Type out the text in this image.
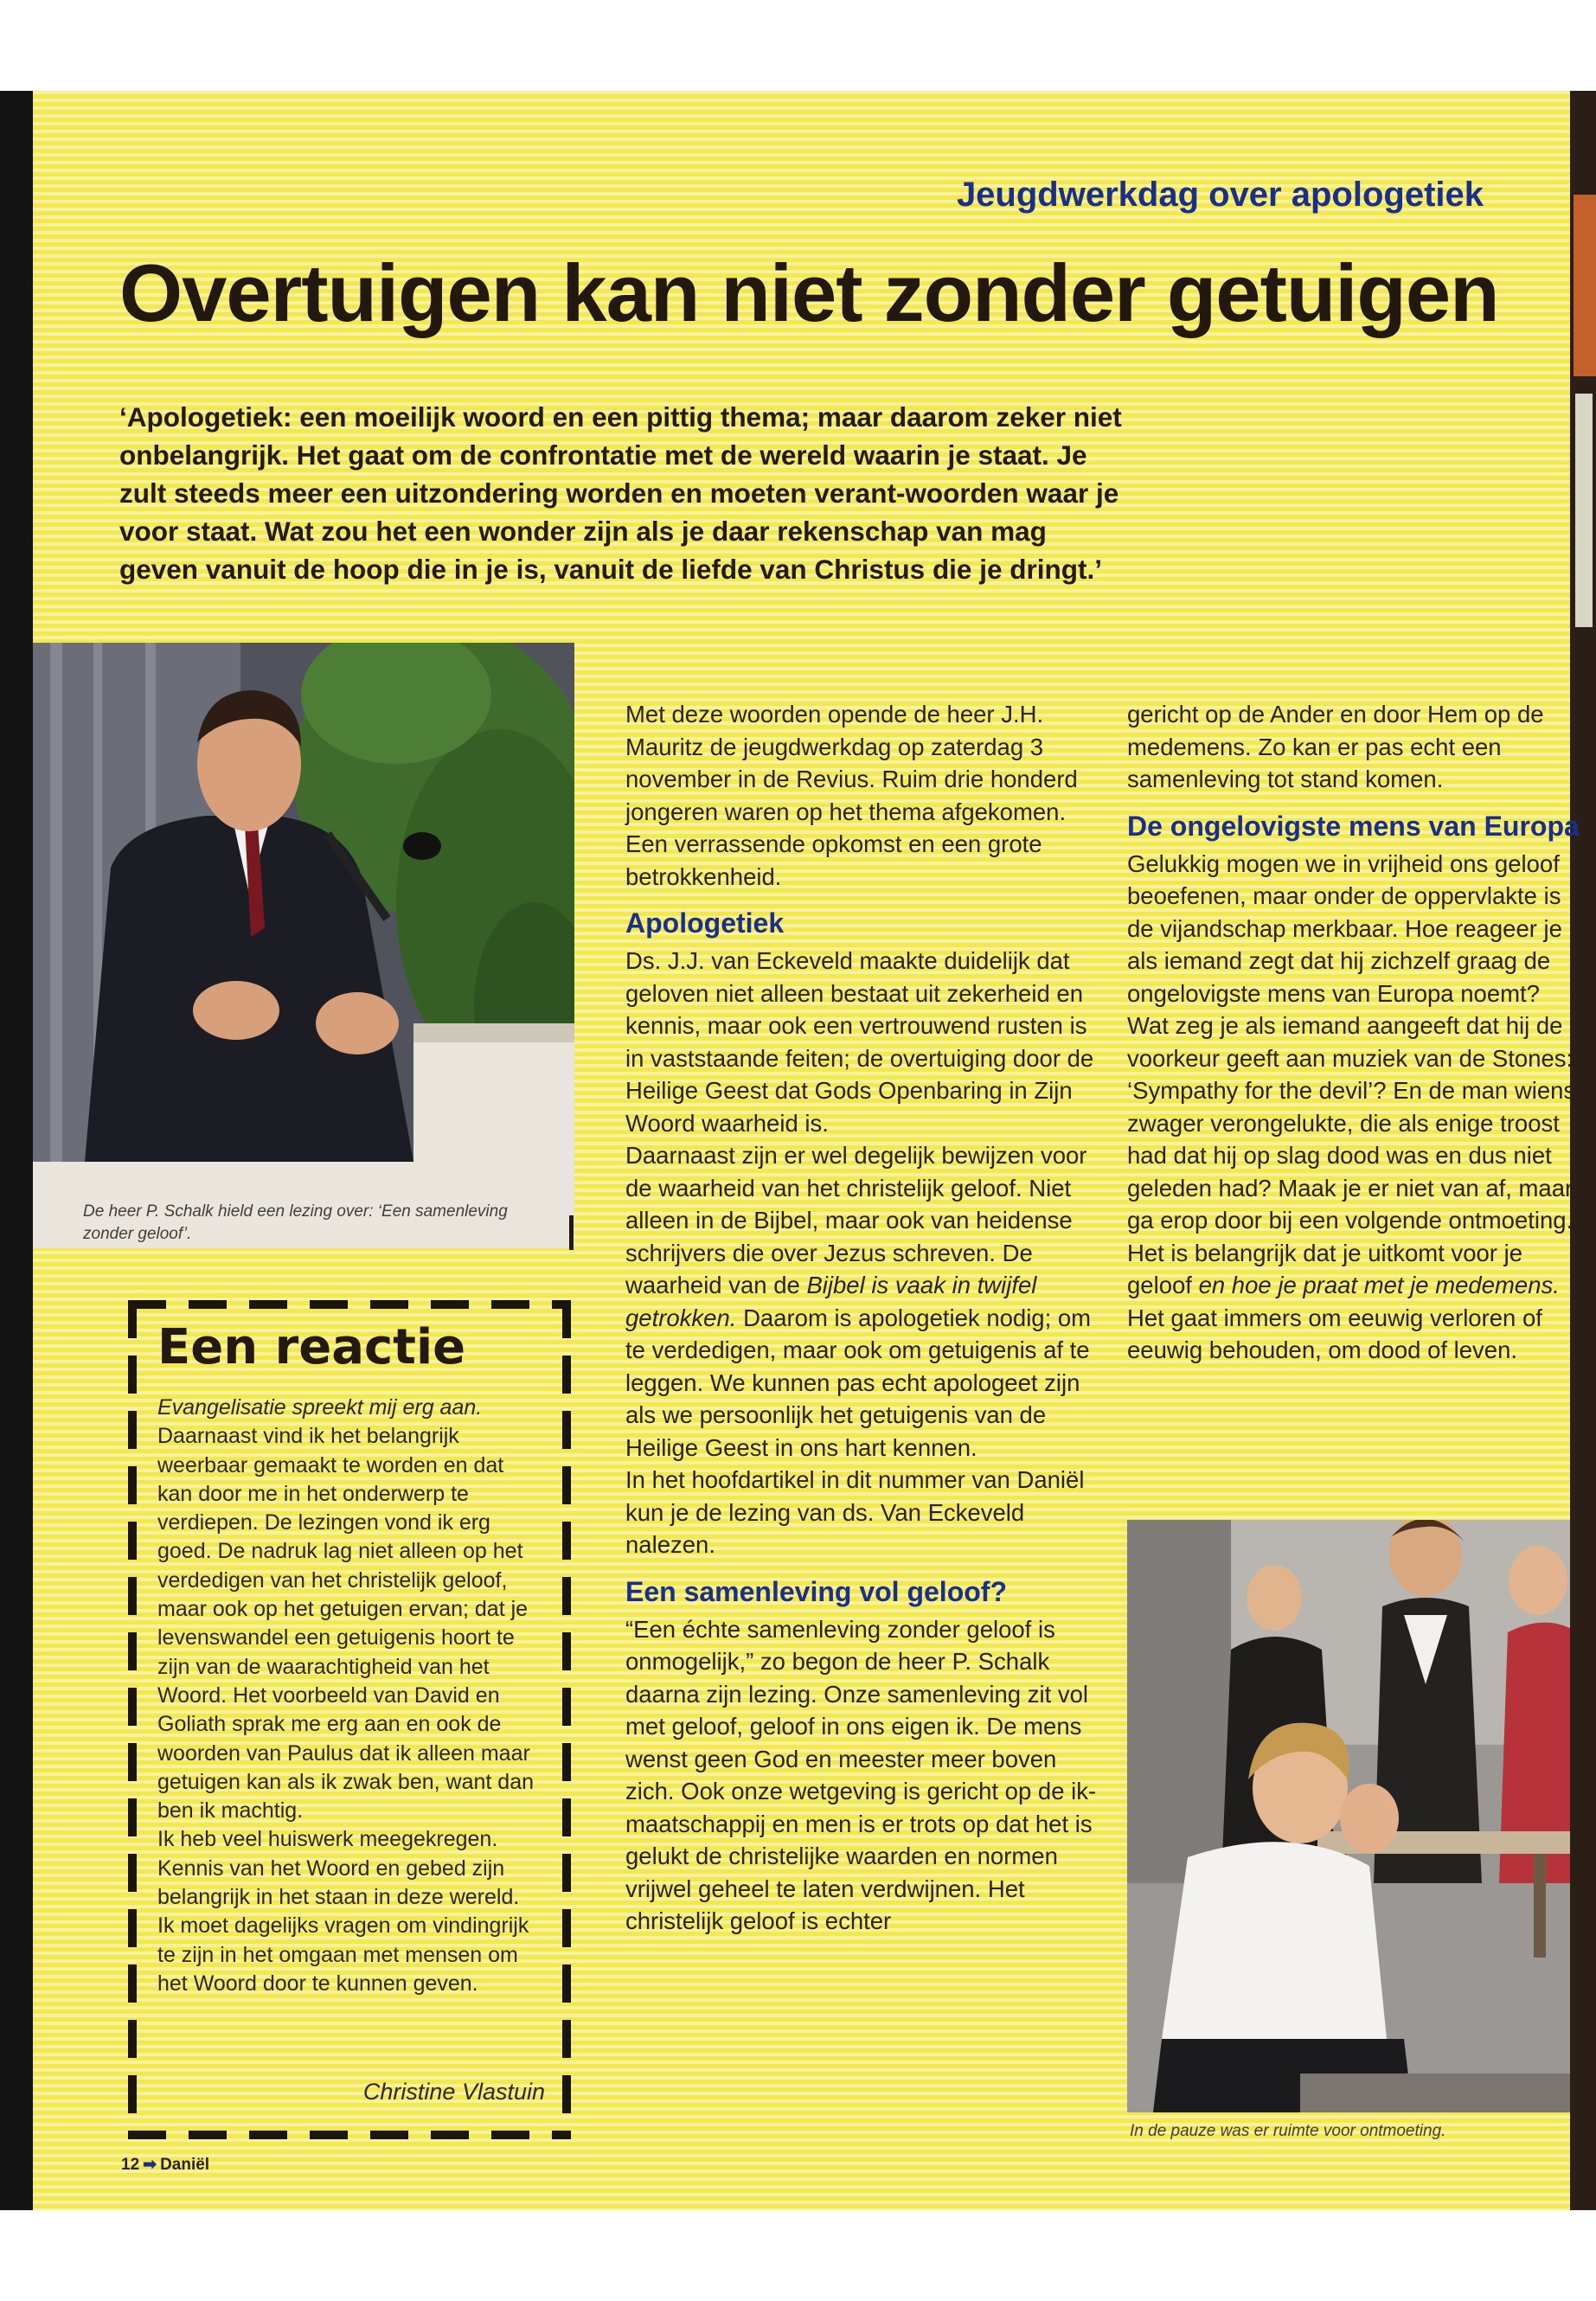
Jeugdwerkdag over apologetiek
Overtuigen kan niet zonder getuigen

‘Apologetiek: een moeilijk woord en een pittig thema; maar daarom zeker niet onbelangrijk. Het gaat om de confrontatie met de wereld waarin je staat. Je zult steeds meer een uitzondering worden en moeten verant-woorden waar je voor staat. Wat zou het een wonder zijn als je daar rekenschap van mag geven vanuit de hoop die in je is, vanuit de liefde van Christus die je dringt.’

De heer P. Schalk hield een lezing over: ‘Een samenleving zonder geloof’.

Met deze woorden opende de heer J.H. Mauritz de jeugdwerkdag op zaterdag 3 november in de Revius. Ruim drie honderd jongeren waren op het thema afgekomen. Een verrassende opkomst en een grote betrokkenheid.

Apologetiek

Ds. J.J. van Eckeveld maakte duidelijk dat geloven niet alleen bestaat uit zekerheid en kennis, maar ook een vertrouwend rusten is in vaststaande feiten; de overtuiging door de Heilige Geest dat Gods Openbaring in Zijn Woord waarheid is.

Daarnaast zijn er wel degelijk bewijzen voor de waarheid van het christelijk geloof. Niet alleen in de Bijbel, maar ook van heidense schrijvers die over Jezus schreven. De waarheid van de Bijbel is vaak in twijfel getrokken. Daarom is apologetiek nodig; om te verdedigen, maar ook om getuigenis af te leggen. We kunnen pas echt apologeet zijn als we persoonlijk het getuigenis van de Heilige Geest in ons hart kennen.

In het hoofdartikel in dit nummer van Daniël kun je de lezing van ds. Van Eckeveld nalezen.

Een samenleving vol geloof?

“Een échte samenleving zonder geloof is onmogelijk,” zo begon de heer P. Schalk daarna zijn lezing. Onze samenleving zit vol met geloof, geloof in ons eigen ik. De mens wenst geen God en meester meer boven zich. Ook onze wetgeving is gericht op de ik-maatschappij en men is er trots op dat het is gelukt de christelijke waarden en normen vrijwel geheel te laten verdwijnen. Het christelijk geloof is echter

gericht op de Ander en door Hem op de medemens. Zo kan er pas echt een samenleving tot stand komen.

De ongelovigste mens van Europa

Gelukkig mogen we in vrijheid ons geloof beoefenen, maar onder de oppervlakte is de vijandschap merkbaar. Hoe reageer je als iemand zegt dat hij zichzelf graag de ongelovigste mens van Europa noemt? Wat zeg je als iemand aangeeft dat hij de voorkeur geeft aan muziek van de Stones: ‘Sympathy for the devil’? En de man wiens zwager verongelukte, die als enige troost had dat hij op slag dood was en dus niet geleden had? Maak je er niet van af, maar ga erop door bij een volgende ontmoeting. Het is belangrijk dat je uitkomt voor je geloof en hoe je praat met je medemens. Het gaat immers om eeuwig verloren of eeuwig behouden, om dood of leven.

Een reactie

Evangelisatie spreekt mij erg aan.

Daarnaast vind ik het belangrijk weerbaar gemaakt te worden en dat kan door me in het onderwerp te verdiepen. De lezingen vond ik erg goed. De nadruk lag niet alleen op het verdedigen van het christelijk geloof, maar ook op het getuigen ervan; dat je levenswandel een getuigenis hoort te zijn van de waarachtigheid van het Woord. Het voorbeeld van David en Goliath sprak me erg aan en ook de woorden van Paulus dat ik alleen maar getuigen kan als ik zwak ben, want dan ben ik machtig.

Ik heb veel huiswerk meegekregen. Kennis van het Woord en gebed zijn belangrijk in het staan in deze wereld. Ik moet dagelijks vragen om vindingrijk te zijn in het omgaan met mensen om het Woord door te kunnen geven.

Christine Vlastuin
In de pauze was er ruimte voor ontmoeting.
12 ➡ Daniël
